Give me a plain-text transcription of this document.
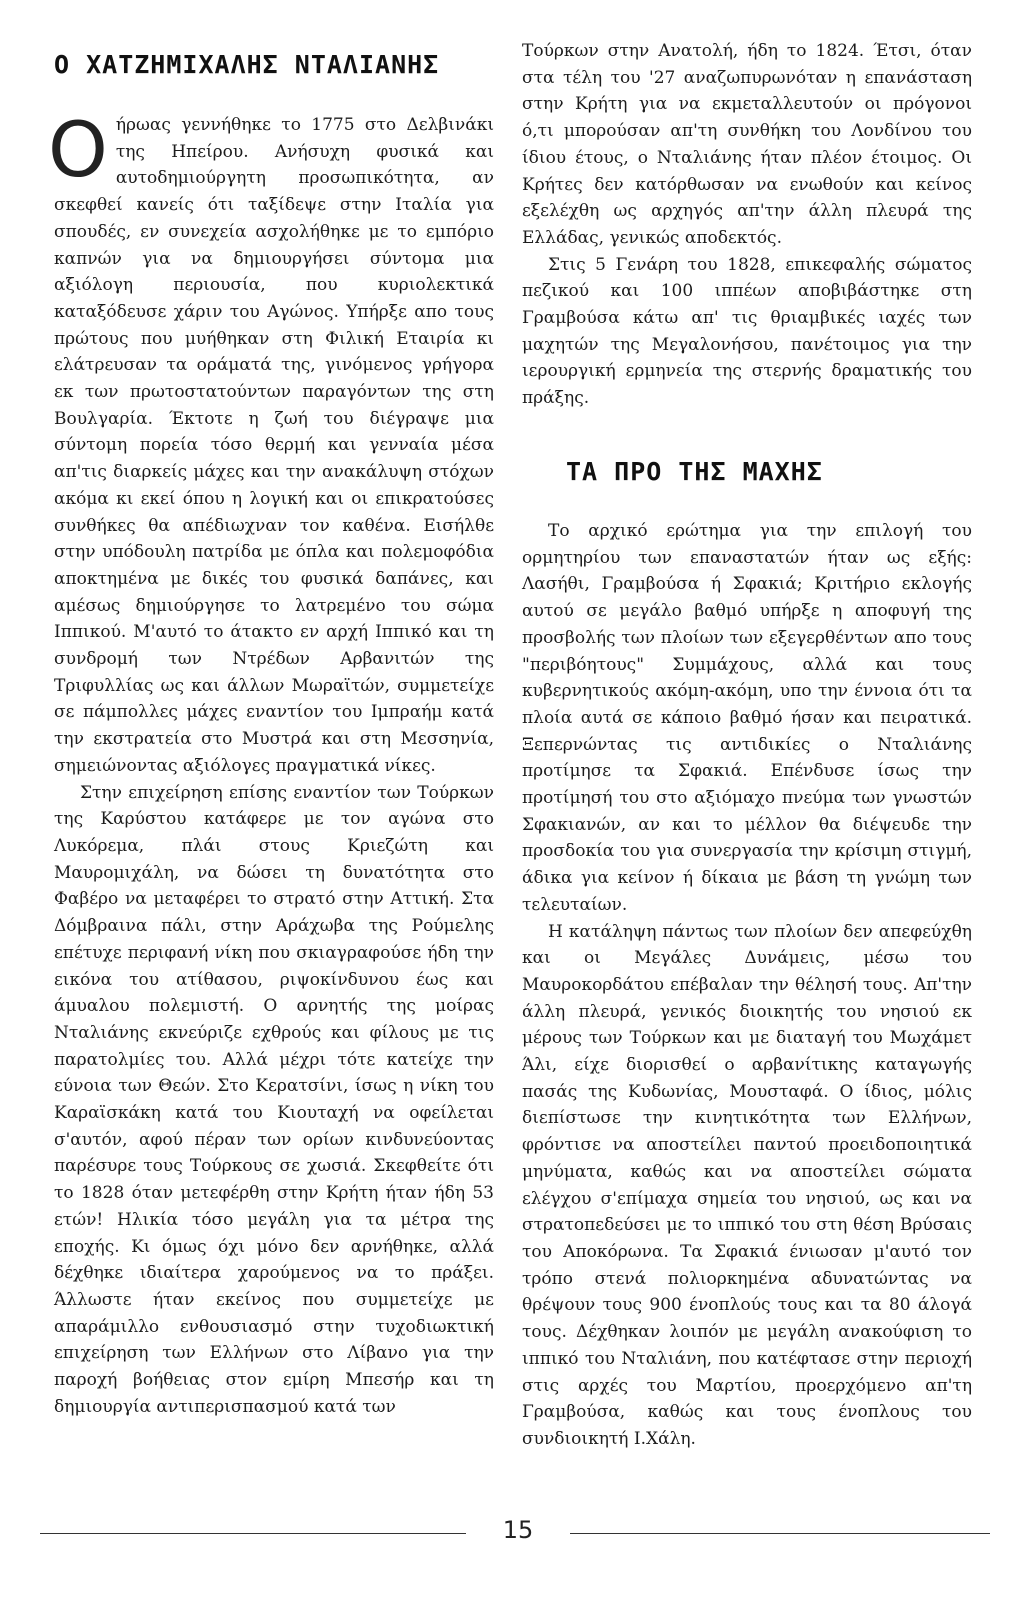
Ο ΧΑΤΖΗΜΙΧΑΛΗΣ ΝΤΑΛΙΑΝΗΣ

Οήρωας γεννήθηκε το 1775 στο Δελβινάκι της Ηπείρου. Ανήσυχη φυσικά και αυτοδημιούργητη προσωπικότητα, αν σκεφθεί κανείς ότι ταξίδεψε στην Ιταλία για σπουδές, εν συνεχεία ασχολήθηκε με το εμπόριο καπνών για να δημιουργήσει σύντομα μια αξιόλογη περιουσία, που κυριολεκτικά καταξόδευσε χάριν του Αγώνος. Υπήρξε απο τους πρώτους που μυήθηκαν στη Φιλική Εταιρία κι ελάτρευσαν τα οράματά της, γινόμενος γρήγορα εκ των πρωτοστατούντων παραγόντων της στη Βουλγαρία. Έκτοτε η ζωή του διέγραψε μια σύντομη πορεία τόσο θερμή και γενναία μέσα απ'τις διαρκείς μάχες και την ανακάλυψη στόχων ακόμα κι εκεί όπου η λογική και οι επικρατούσες συνθήκες θα απέδιωχναν τον καθένα. Εισήλθε στην υπόδουλη πατρίδα με όπλα και πολεμοφόδια αποκτημένα με δικές του φυσικά δαπάνες, και αμέσως δημιούργησε το λατρεμένο του σώμα Ιππικού. Μ'αυτό το άτακτο εν αρχή Ιππικό και τη συνδρομή των Ντρέδων Αρβανιτών της Τριφυλλίας ως και άλλων Μωραϊτών, συμμετείχε σε πάμπολλες μάχες εναντίον του Ιμπραήμ κατά την εκστρατεία στο Μυστρά και στη Μεσσηνία, σημειώνοντας αξιόλογες πραγματικά νίκες.

Στην επιχείρηση επίσης εναντίον των Τούρκων της Καρύστου κατάφερε με τον αγώνα στο Λυκόρεμα, πλάι στους Κριεζώτη και Μαυρομιχάλη, να δώσει τη δυνατότητα στο Φαβέρο να μεταφέρει το στρατό στην Αττική. Στα Δόμβραινα πάλι, στην Αράχωβα της Ρούμελης επέτυχε περιφανή νίκη που σκιαγραφούσε ήδη την εικόνα του ατίθασου, ριψοκίνδυνου έως και άμυαλου πολεμιστή. Ο αρνητής της μοίρας Νταλιάνης εκνεύριζε εχθρούς και φίλους με τις παρατολμίες του. Αλλά μέχρι τότε κατείχε την εύνοια των Θεών. Στο Κερατσίνι, ίσως η νίκη του Καραϊσκάκη κατά του Κιουταχή να οφείλεται σ'αυτόν, αφού πέραν των ορίων κινδυνεύοντας παρέσυρε τους Τούρκους σε χωσιά. Σκεφθείτε ότι το 1828 όταν μετεφέρθη στην Κρήτη ήταν ήδη 53 ετών! Ηλικία τόσο μεγάλη για τα μέτρα της εποχής. Κι όμως όχι μόνο δεν αρνήθηκε, αλλά δέχθηκε ιδιαίτερα χαρούμενος να το πράξει. Άλλωστε ήταν εκείνος που συμμετείχε με απαράμιλλο ενθουσιασμό στην τυχοδιωκτική επιχείρηση των Ελλήνων στο Λίβανο για την παροχή βοήθειας στον εμίρη Μπεσήρ και τη δημιουργία αντιπερισπασμού κατά των

Τούρκων στην Ανατολή, ήδη το 1824. Έτσι, όταν στα τέλη του '27 αναζωπυρωνόταν η επανάσταση στην Κρήτη για να εκμεταλλευτούν οι πρόγονοι ό,τι μπορούσαν απ'τη συνθήκη του Λονδίνου του ίδιου έτους, ο Νταλιάνης ήταν πλέον έτοιμος. Οι Κρήτες δεν κατόρθωσαν να ενωθούν και κείνος εξελέχθη ως αρχηγός απ'την άλλη πλευρά της Ελλάδας, γενικώς αποδεκτός.

Στις 5 Γενάρη του 1828, επικεφαλής σώματος πεζικού και 100 ιππέων αποβιβάστηκε στη Γραμβούσα κάτω απ' τις θριαμβικές ιαχές των μαχητών της Μεγαλονήσου, πανέτοιμος για την ιερουργική ερμηνεία της στερνής δραματικής του πράξης.

ΤΑ ΠΡΟ ΤΗΣ ΜΑΧΗΣ

Το αρχικό ερώτημα για την επιλογή του ορμητηρίου των επαναστατών ήταν ως εξής: Λασήθι, Γραμβούσα ή Σφακιά; Κριτήριο εκλογής αυτού σε μεγάλο βαθμό υπήρξε η αποφυγή της προσβολής των πλοίων των εξεγερθέντων απο τους "περιβόητους" Συμμάχους, αλλά και τους κυβερνητικούς ακόμη-ακόμη, υπο την έννοια ότι τα πλοία αυτά σε κάποιο βαθμό ήσαν και πειρατικά. Ξεπερνώντας τις αντιδικίες ο Νταλιάνης προτίμησε τα Σφακιά. Επένδυσε ίσως την προτίμησή του στο αξιόμαχο πνεύμα των γνωστών Σφακιανών, αν και το μέλλον θα διέψευδε την προσδοκία του για συνεργασία την κρίσιμη στιγμή, άδικα για κείνον ή δίκαια με βάση τη γνώμη των τελευταίων.

Η κατάληψη πάντως των πλοίων δεν απεφεύχθη και οι Μεγάλες Δυνάμεις, μέσω του Μαυροκορδάτου επέβαλαν την θέλησή τους. Απ'την άλλη πλευρά, γενικός διοικητής του νησιού εκ μέρους των Τούρκων και με διαταγή του Μωχάμετ Άλι, είχε διορισθεί ο αρβανίτικης καταγωγής πασάς της Κυδωνίας, Μουσταφά. Ο ίδιος, μόλις διεπίστωσε την κινητικότητα των Ελλήνων, φρόντισε να αποστείλει παντού προειδοποιητικά μηνύματα, καθώς και να αποστείλει σώματα ελέγχου σ'επίμαχα σημεία του νησιού, ως και να στρατοπεδεύσει με το ιππικό του στη θέση Βρύσαις του Αποκόρωνα. Τα Σφακιά ένιωσαν μ'αυτό τον τρόπο στενά πολιορκημένα αδυνατώντας να θρέψουν τους 900 ένοπλούς τους και τα 80 άλογά τους. Δέχθηκαν λοιπόν με μεγάλη ανακούφιση το ιππικό του Νταλιάνη, που κατέφτασε στην περιοχή στις αρχές του Μαρτίου, προερχόμενο απ'τη Γραμβούσα, καθώς και τους ένοπλους του συνδιοικητή Ι.Χάλη.

15
